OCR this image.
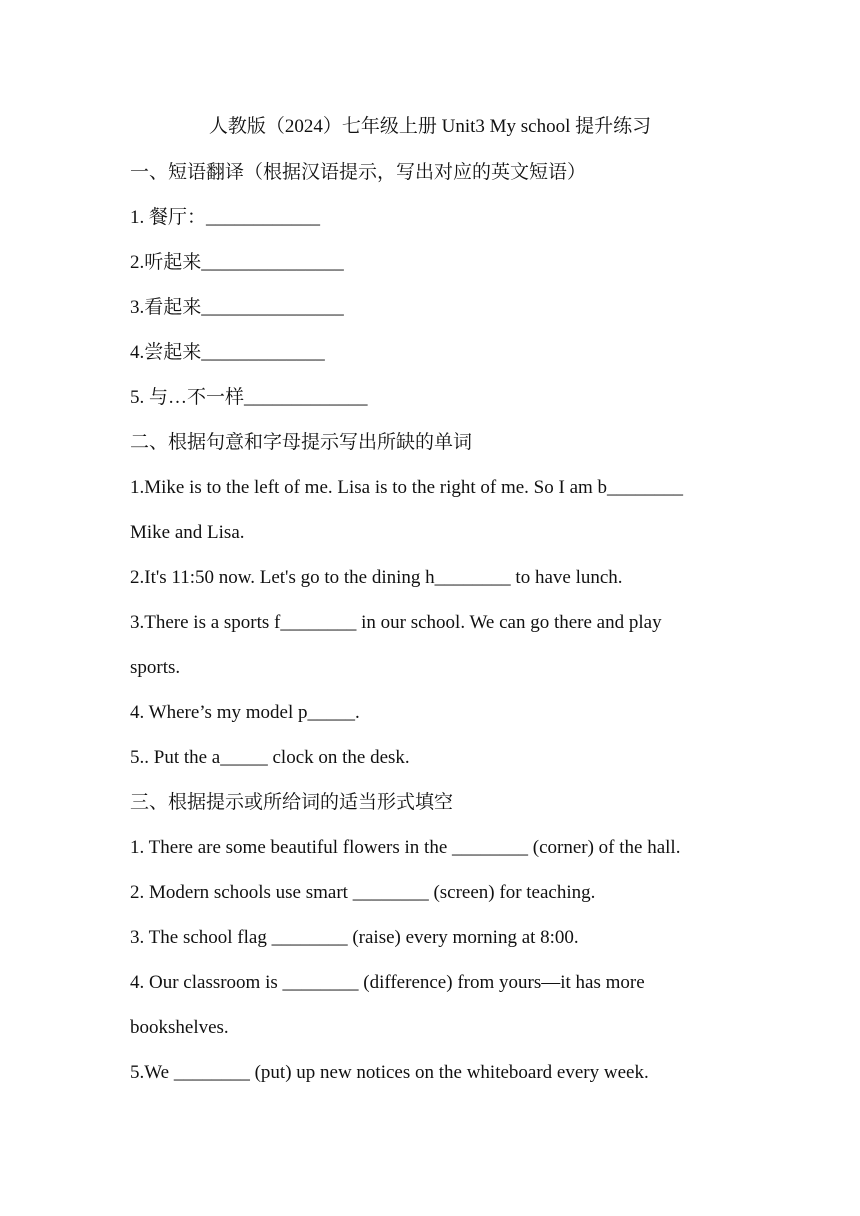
人教版（2024）七年级上册 Unit3 My school 提升练习
一、短语翻译（根据汉语提示，写出对应的英文短语）
1. 餐厅：____________
2.听起来_______________
3.看起来_______________
4.尝起来_____________
5. 与…不一样_____________
二、根据句意和字母提示写出所缺的单词
1.Mike is to the left of me. Lisa is to the right of me. So I am b________
Mike and Lisa.
2.It's 11:50 now. Let's go to the dining h________ to have lunch.
3.There is a sports f________ in our school. We can go there and play
sports.
4. Where’s my model p_____.
5.. Put the a_____ clock on the desk.
三、根据提示或所给词的适当形式填空
1. There are some beautiful flowers in the ________ (corner) of the hall.
2. Modern schools use smart ________ (screen) for teaching.
3. The school flag ________ (raise) every morning at 8:00.
4. Our classroom is ________ (difference) from yours—it has more
bookshelves.
5.We ________ (put) up new notices on the whiteboard every week.
